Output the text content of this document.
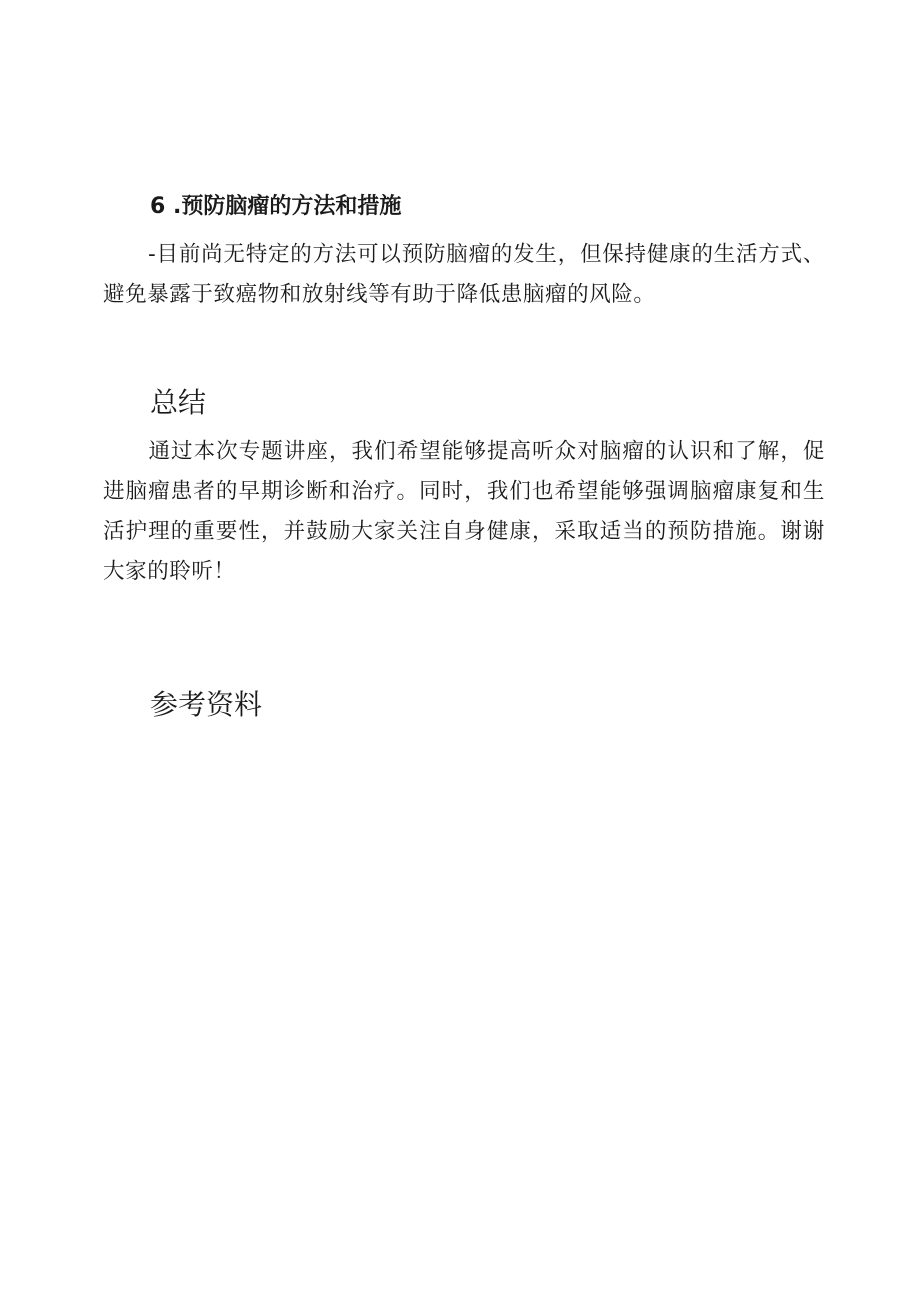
6 .预防脑瘤的方法和措施

-目前尚无特定的方法可以预防脑瘤的发生，但保持健康的生活方式、避免暴露于致癌物和放射线等有助于降低患脑瘤的风险。

总结

通过本次专题讲座，我们希望能够提高听众对脑瘤的认识和了解，促进脑瘤患者的早期诊断和治疗。同时，我们也希望能够强调脑瘤康复和生活护理的重要性，并鼓励大家关注自身健康，采取适当的预防措施。谢谢大家的聆听！

参考资料
